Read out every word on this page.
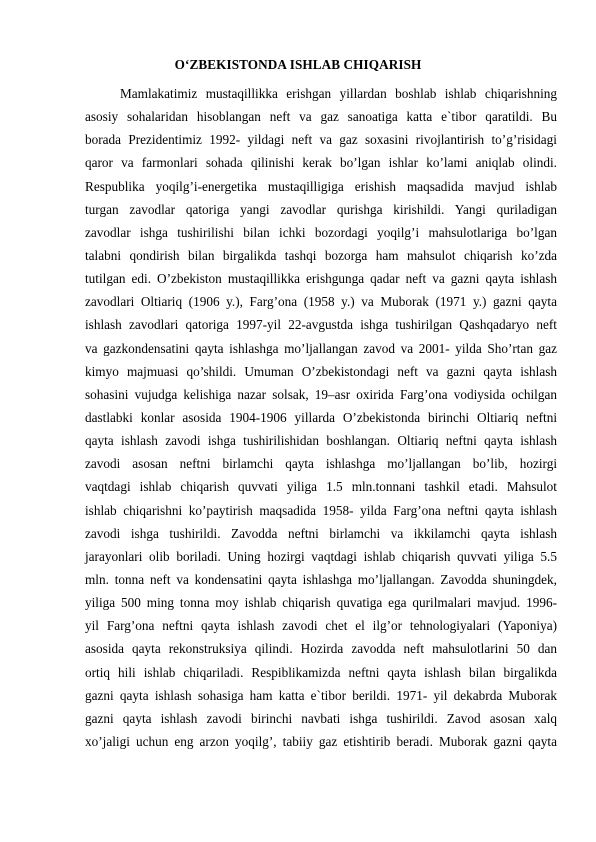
O‘ZBEKISTONDA ISHLAB CHIQARISH
Mamlakatimiz mustaqillikka erishgan yillardan boshlab ishlab chiqarishning
asosiy sohalaridan hisoblangan neft va gaz sanoatiga katta e`tibor qaratildi. Bu
borada Prezidentimiz 1992- yildagi neft va gaz soxasini rivojlantirish to’g’risidagi
qaror va farmonlari sohada qilinishi kerak bo’lgan ishlar ko’lami aniqlab olindi.
Respublika yoqilg’i-energetika mustaqilligiga erishish maqsadida mavjud ishlab
turgan zavodlar qatoriga yangi zavodlar qurishga kirishildi. Yangi quriladigan
zavodlar ishga tushirilishi bilan ichki bozordagi yoqilg’i mahsulotlariga bo’lgan
talabni qondirish bilan birgalikda tashqi bozorga ham mahsulot chiqarish ko’zda
tutilgan edi. O’zbekiston mustaqillikka erishgunga qadar neft va gazni qayta ishlash
zavodlari Oltiariq (1906 y.), Farg’ona (1958 y.) va Muborak (1971 y.) gazni qayta
ishlash zavodlari qatoriga 1997-yil 22-avgustda ishga tushirilgan Qashqadaryo neft
va gazkondensatini qayta ishlashga mo’ljallangan zavod va 2001- yilda Sho’rtan gaz
kimyo majmuasi qo’shildi. Umuman O’zbekistondagi neft va gazni qayta ishlash
sohasini vujudga kelishiga nazar solsak, 19–asr oxirida Farg’ona vodiysida ochilgan
dastlabki konlar asosida 1904-1906 yillarda O’zbekistonda birinchi Oltiariq neftni
qayta ishlash zavodi ishga tushirilishidan boshlangan. Oltiariq neftni qayta ishlash
zavodi asosan neftni birlamchi qayta ishlashga mo’ljallangan bo’lib, hozirgi
vaqtdagi ishlab chiqarish quvvati yiliga 1.5 mln.tonnani tashkil etadi. Mahsulot
ishlab chiqarishni ko’paytirish maqsadida 1958- yilda Farg’ona neftni qayta ishlash
zavodi ishga tushirildi. Zavodda neftni birlamchi va ikkilamchi qayta ishlash
jarayonlari olib boriladi. Uning hozirgi vaqtdagi ishlab chiqarish quvvati yiliga 5.5
mln. tonna neft va kondensatini qayta ishlashga mo’ljallangan. Zavodda shuningdek,
yiliga 500 ming tonna moy ishlab chiqarish quvatiga ega qurilmalari mavjud. 1996-
yil Farg’ona neftni qayta ishlash zavodi chet el ilg’or tehnologiyalari (Yaponiya)
asosida qayta rekonstruksiya qilindi. Hozirda zavodda neft mahsulotlarini 50 dan
ortiq hili ishlab chiqariladi. Respiblikamizda neftni qayta ishlash bilan birgalikda
gazni qayta ishlash sohasiga ham katta e`tibor berildi. 1971- yil dekabrda Muborak
gazni qayta ishlash zavodi birinchi navbati ishga tushirildi. Zavod asosan xalq
xo’jaligi uchun eng arzon yoqilg’, tabiiy gaz etishtirib beradi. Muborak gazni qayta
